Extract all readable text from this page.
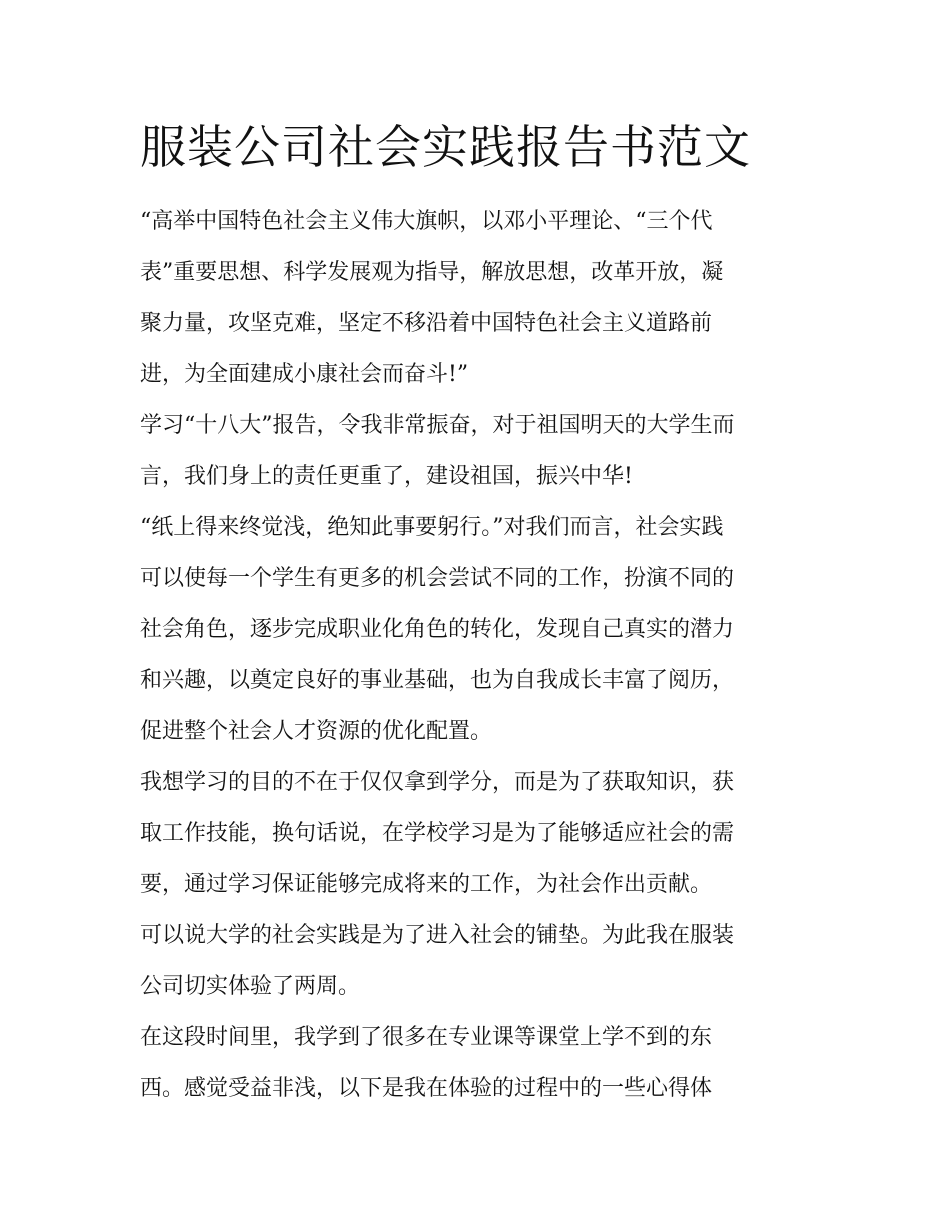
服装公司社会实践报告书范文

“高举中国特色社会主义伟大旗帜，以邓小平理论、“三个代
表”重要思想、科学发展观为指导，解放思想，改革开放，凝
聚力量，攻坚克难，坚定不移沿着中国特色社会主义道路前
进，为全面建成小康社会而奋斗!”

学习“十八大”报告，令我非常振奋，对于祖国明天的大学生而
言，我们身上的责任更重了，建设祖国，振兴中华!

“纸上得来终觉浅，绝知此事要躬行。”对我们而言，社会实践
可以使每一个学生有更多的机会尝试不同的工作，扮演不同的
社会角色，逐步完成职业化角色的转化，发现自己真实的潜力
和兴趣，以奠定良好的事业基础，也为自我成长丰富了阅历，
促进整个社会人才资源的优化配置。

我想学习的目的不在于仅仅拿到学分，而是为了获取知识，获
取工作技能，换句话说，在学校学习是为了能够适应社会的需
要，通过学习保证能够完成将来的工作，为社会作出贡献。

可以说大学的社会实践是为了进入社会的铺垫。为此我在服装
公司切实体验了两周。

在这段时间里，我学到了很多在专业课等课堂上学不到的东
西。感觉受益非浅，以下是我在体验的过程中的一些心得体
